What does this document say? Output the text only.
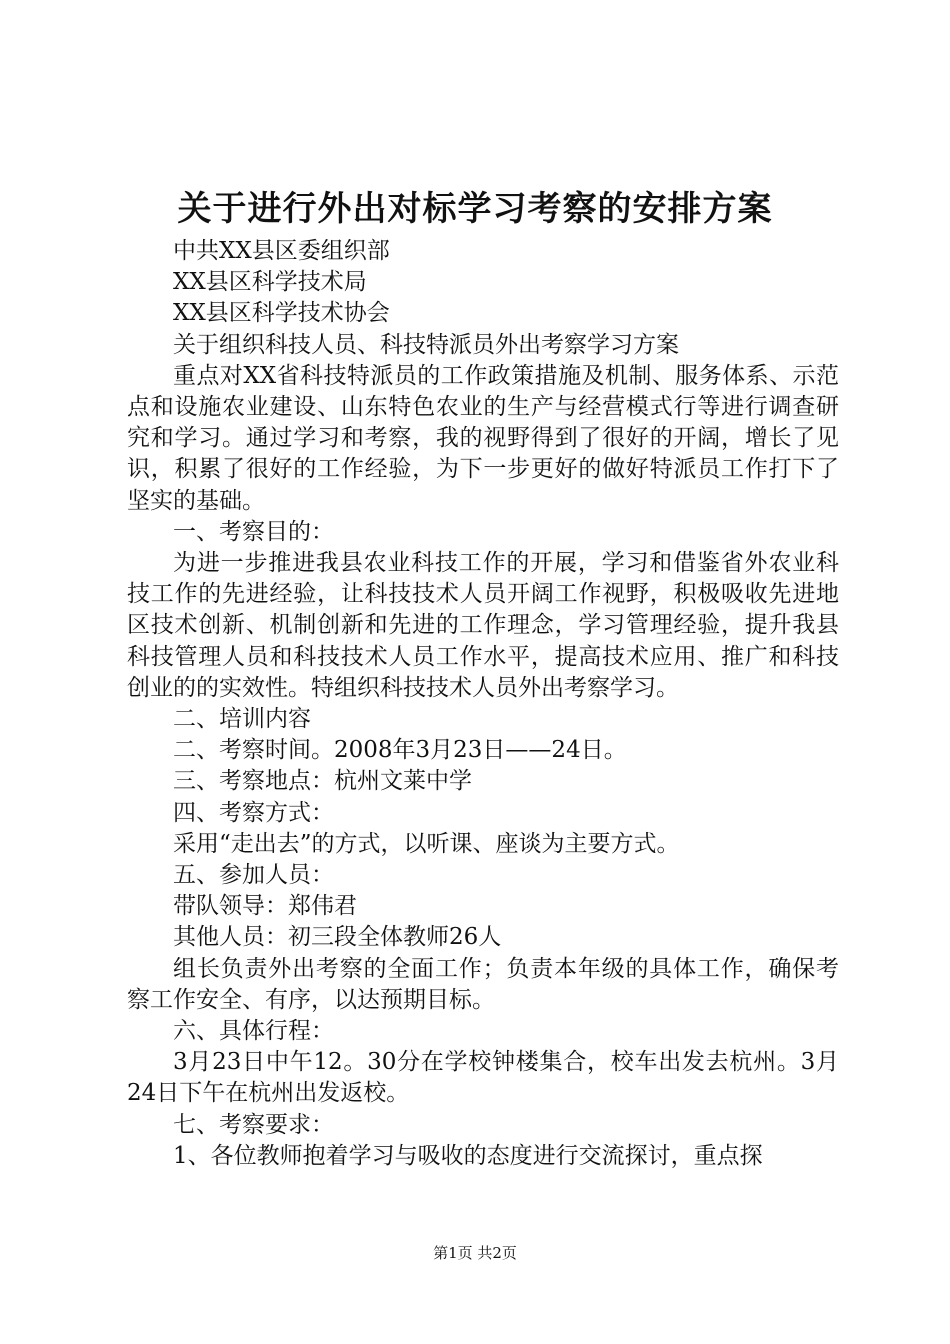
关于进行外出对标学习考察的安排方案

中共XX县区委组织部

XX县区科学技术局

XX县区科学技术协会

关于组织科技人员、科技特派员外出考察学习方案

重点对XX省科技特派员的工作政策措施及机制、服务体系、示范点和设施农业建设、山东特色农业的生产与经营模式行等进行调查研究和学习。通过学习和考察，我的视野得到了很好的开阔，增长了见识，积累了很好的工作经验，为下一步更好的做好特派员工作打下了坚实的基础。

一、考察目的：

为进一步推进我县农业科技工作的开展，学习和借鉴省外农业科技工作的先进经验，让科技技术人员开阔工作视野，积极吸收先进地区技术创新、机制创新和先进的工作理念，学习管理经验，提升我县科技管理人员和科技技术人员工作水平，提高技术应用、推广和科技创业的的实效性。特组织科技技术人员外出考察学习。

二、培训内容

二、考察时间。2008年3月23日——24日。

三、考察地点：杭州文莱中学

四、考察方式：

采用“走出去”的方式，以听课、座谈为主要方式。

五、参加人员：

带队领导：郑伟君

其他人员：初三段全体教师26人

组长负责外出考察的全面工作；负责本年级的具体工作，确保考察工作安全、有序，以达预期目标。

六、具体行程：

3月23日中午12。30分在学校钟楼集合，校车出发去杭州。3月24日下午在杭州出发返校。

七、考察要求：

1、各位教师抱着学习与吸收的态度进行交流探讨，重点探

第1页 共2页
